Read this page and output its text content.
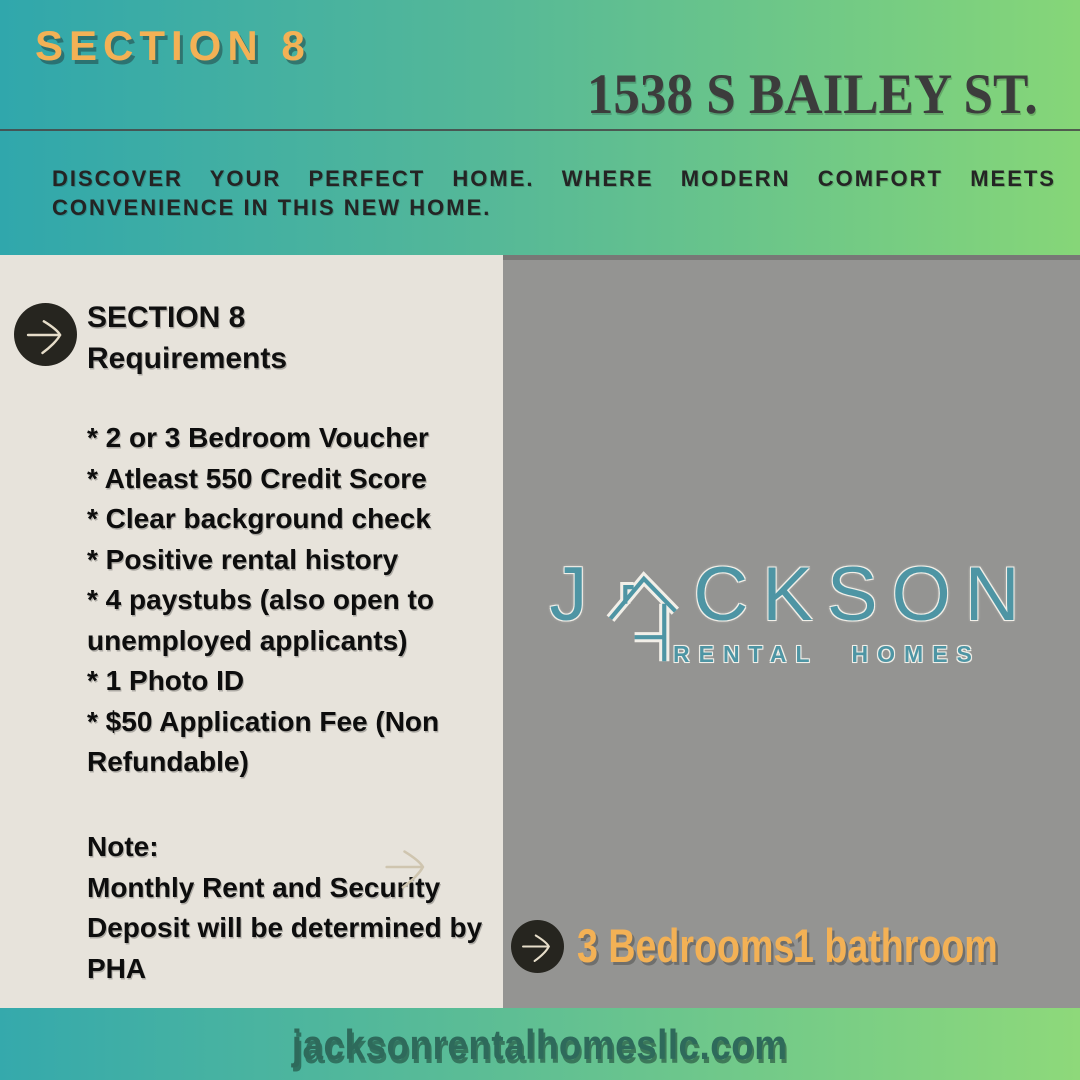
SECTION 8
1538 S BAILEY ST.
DISCOVER YOUR PERFECT HOME. WHERE MODERN COMFORT MEETS
CONVENIENCE IN THIS NEW HOME.
SECTION 8
Requirements
* 2 or 3 Bedroom Voucher
* Atleast 550 Credit Score
* Clear background check
* Positive rental history
* 4 paystubs (also open to unemployed applicants)
* 1 Photo ID
* $50 Application Fee (Non Refundable)
Note:
Monthly Rent and Security Deposit will be determined by PHA
J CKSON
RENTAL HOMES
3 Bedrooms
1 bathroom
jacksonrentalhomesllc.com
